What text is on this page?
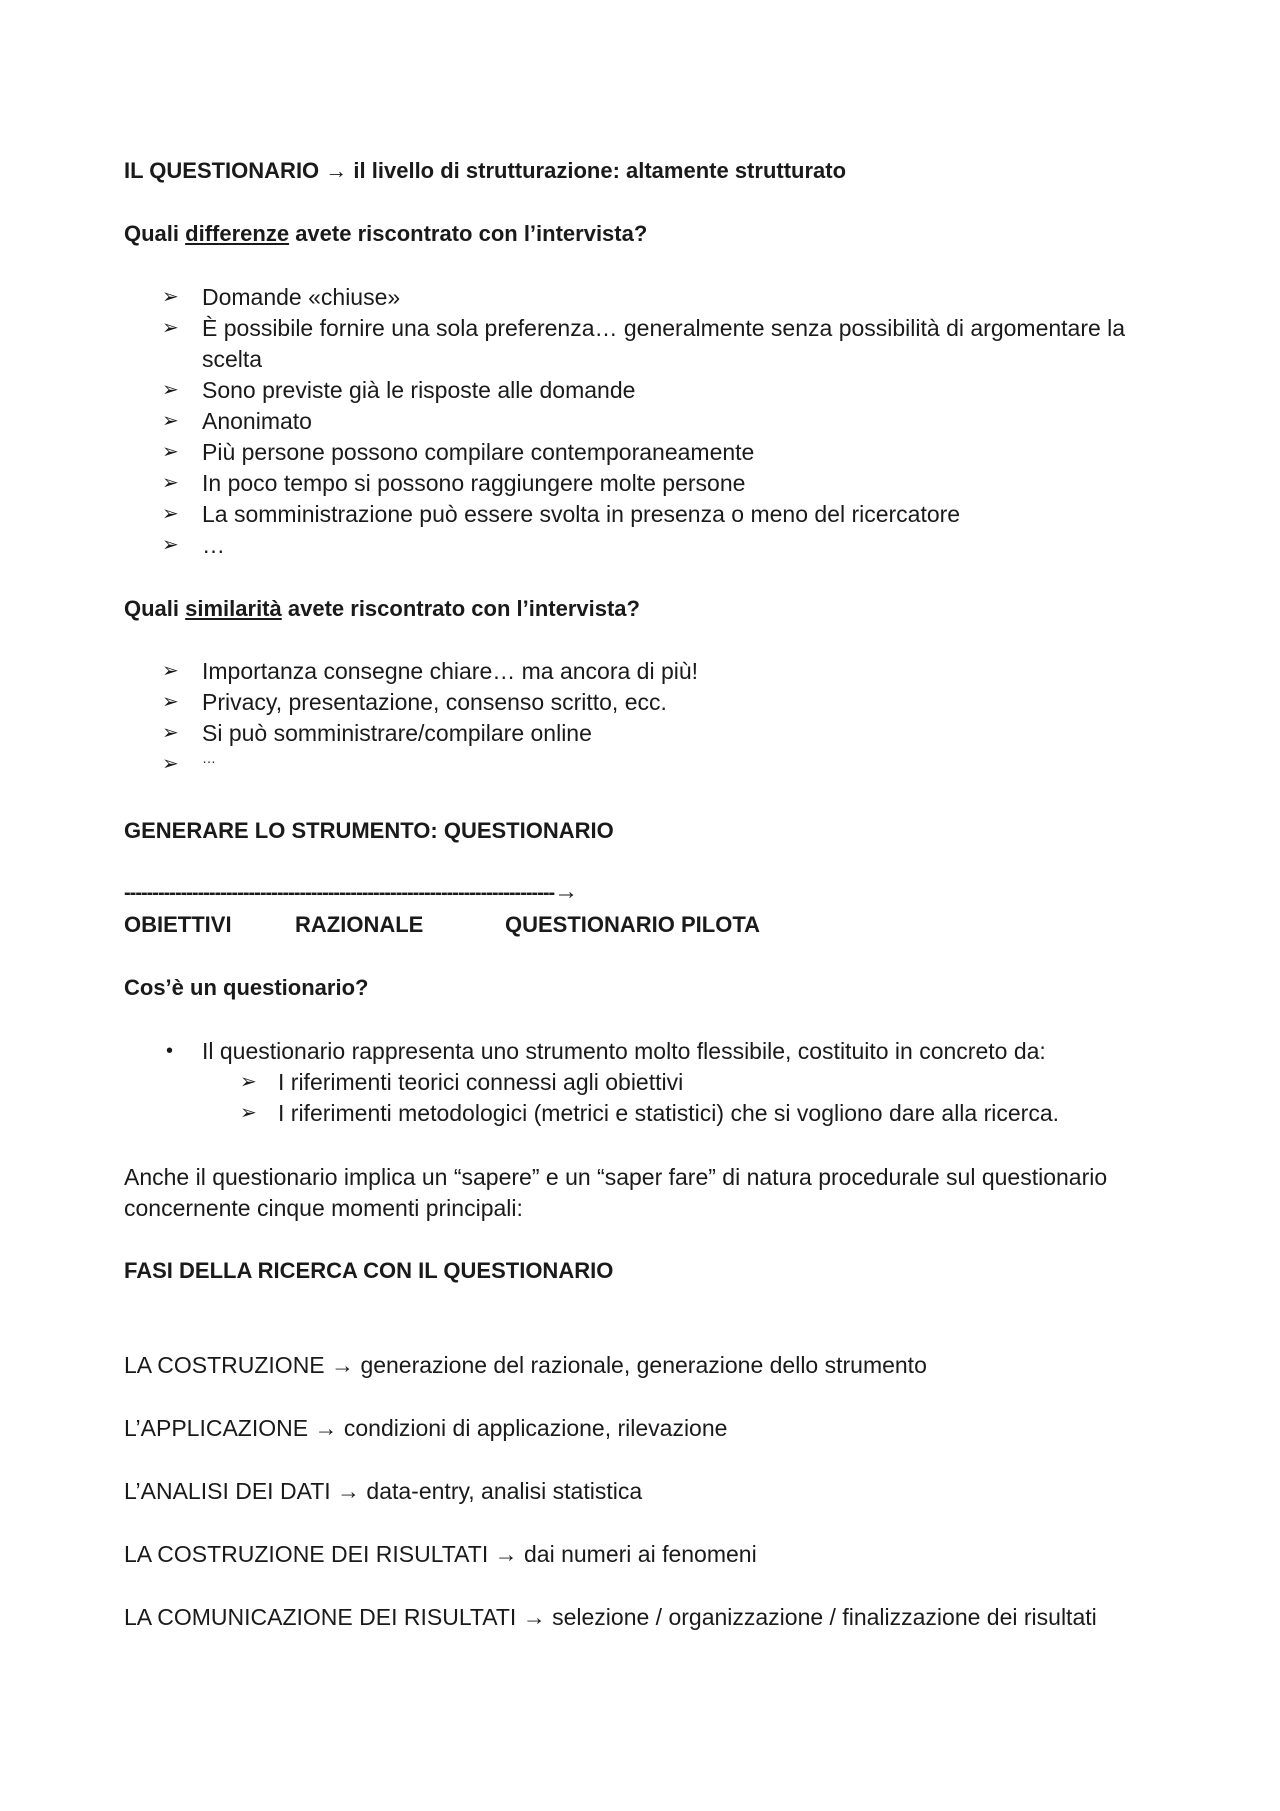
IL QUESTIONARIO → il livello di strutturazione: altamente strutturato
Quali differenze avete riscontrato con l’intervista?
➢	Domande «chiuse»
➢	È possibile fornire una sola preferenza… generalmente senza possibilità di argomentare la
scelta
➢	Sono previste già le risposte alle domande
➢	Anonimato
➢	Più persone possono compilare contemporaneamente
➢	In poco tempo si possono raggiungere molte persone
➢	La somministrazione può essere svolta in presenza o meno del ricercatore
➢	…
Quali similarità avete riscontrato con l’intervista?
➢	Importanza consegne chiare… ma ancora di più!
➢	Privacy, presentazione, consenso scritto, ecc.
➢	Si può somministrare/compilare online
➢	…
GENERARE LO STRUMENTO: QUESTIONARIO
----------------------------------------------------------------------------→
OBIETTIVI	RAZIONALE	QUESTIONARIO PILOTA
Cos’è un questionario?
•	Il questionario rappresenta uno strumento molto flessibile, costituito in concreto da:
➢ I riferimenti teorici connessi agli obiettivi
➢ I riferimenti metodologici (metrici e statistici) che si vogliono dare alla ricerca.
Anche il questionario implica un “sapere” e un “saper fare” di natura procedurale sul questionario
concernente cinque momenti principali:
FASI DELLA RICERCA CON IL QUESTIONARIO
LA COSTRUZIONE → generazione del razionale, generazione dello strumento
L’APPLICAZIONE → condizioni di applicazione, rilevazione
L’ANALISI DEI DATI → data-entry, analisi statistica
LA COSTRUZIONE DEI RISULTATI → dai numeri ai fenomeni
LA COMUNICAZIONE DEI RISULTATI → selezione / organizzazione / finalizzazione dei risultati
